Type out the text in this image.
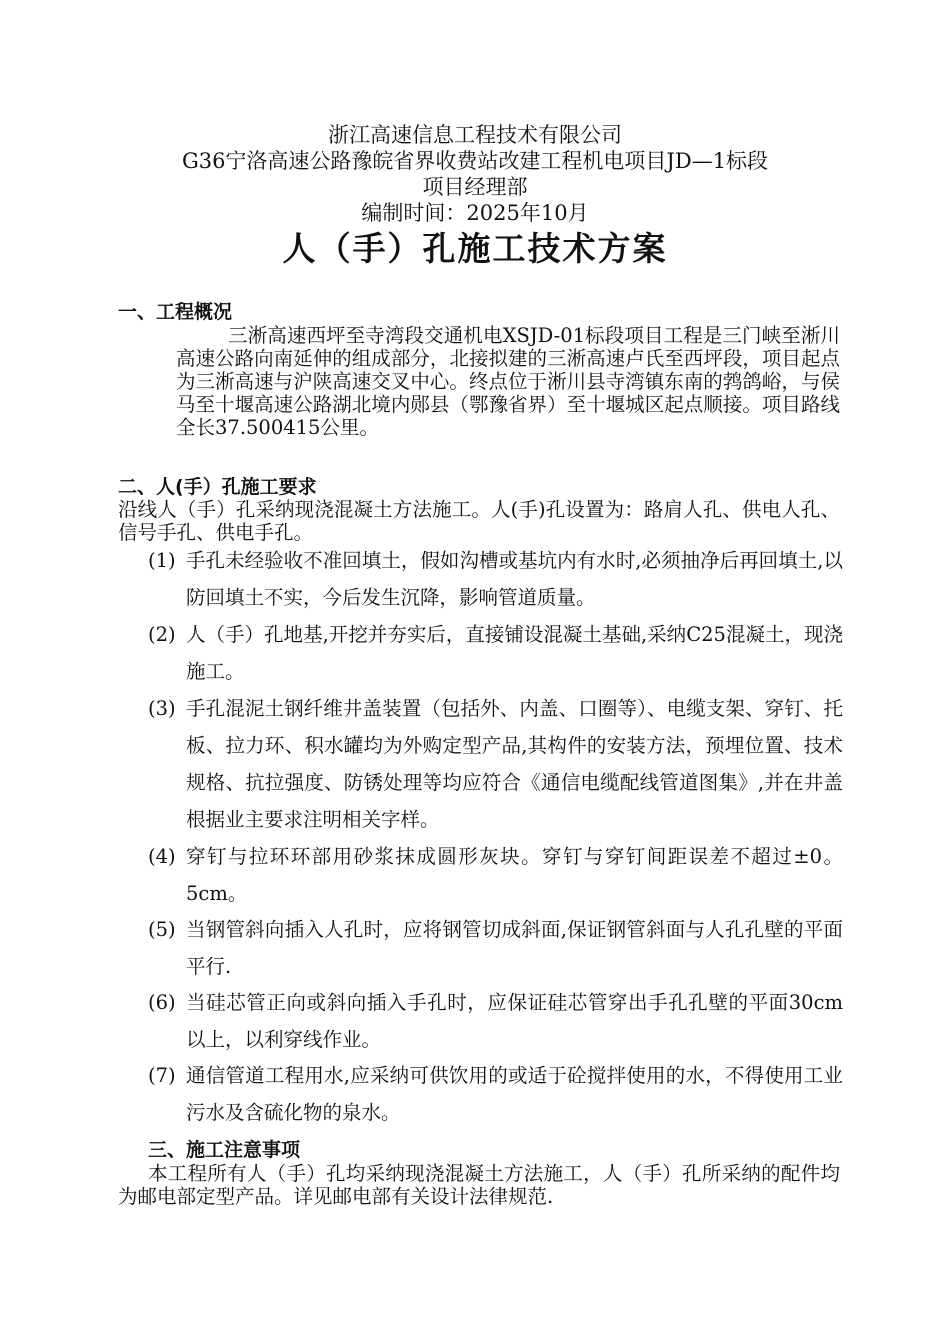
浙江高速信息工程技术有限公司
G36宁洛高速公路豫皖省界收费站改建工程机电项目JD—1标段
项目经理部
编制时间：2025年10月
人（手）孔施工技术方案
一、工程概况
三淅高速西坪至寺湾段交通机电XSJD-01标段项目工程是三门峡至淅川高速公路向南延伸的组成部分，北接拟建的三淅高速卢氏至西坪段，项目起点为三淅高速与沪陕高速交叉中心。终点位于淅川县寺湾镇东南的鹁鸽峪，与侯马至十堰高速公路湖北境内郧县（鄂豫省界）至十堰城区起点顺接。项目路线全长37.500415公里。
二、人(手）孔施工要求
沿线人（手）孔采纳现浇混凝土方法施工。人(手)孔设置为：路肩人孔、供电人孔、信号手孔、供电手孔。
(1) 手孔未经验收不准回填土，假如沟槽或基坑内有水时,必须抽净后再回填土,以防回填土不实，今后发生沉降，影响管道质量。
(2) 人（手）孔地基,开挖并夯实后，直接铺设混凝土基础,采纳C25混凝土，现浇施工。
(3) 手孔混泥土钢纤维井盖装置（包括外、内盖、口圈等）、电缆支架、穿钉、托板、拉力环、积水罐均为外购定型产品,其构件的安装方法，预埋位置、技术规格、抗拉强度、防锈处理等均应符合《通信电缆配线管道图集》,并在井盖根据业主要求注明相关字样。
(4) 穿钉与拉环环部用砂浆抹成圆形灰块。穿钉与穿钉间距误差不超过±0。5cm。
(5) 当钢管斜向插入人孔时，应将钢管切成斜面,保证钢管斜面与人孔孔壁的平面平行.
(6) 当硅芯管正向或斜向插入手孔时，应保证硅芯管穿出手孔孔壁的平面30cm以上，以利穿线作业。
(7) 通信管道工程用水,应采纳可供饮用的或适于砼搅拌使用的水，不得使用工业污水及含硫化物的泉水。
三、施工注意事项
本工程所有人（手）孔均采纳现浇混凝土方法施工，人（手）孔所采纳的配件均为邮电部定型产品。详见邮电部有关设计法律规范.
